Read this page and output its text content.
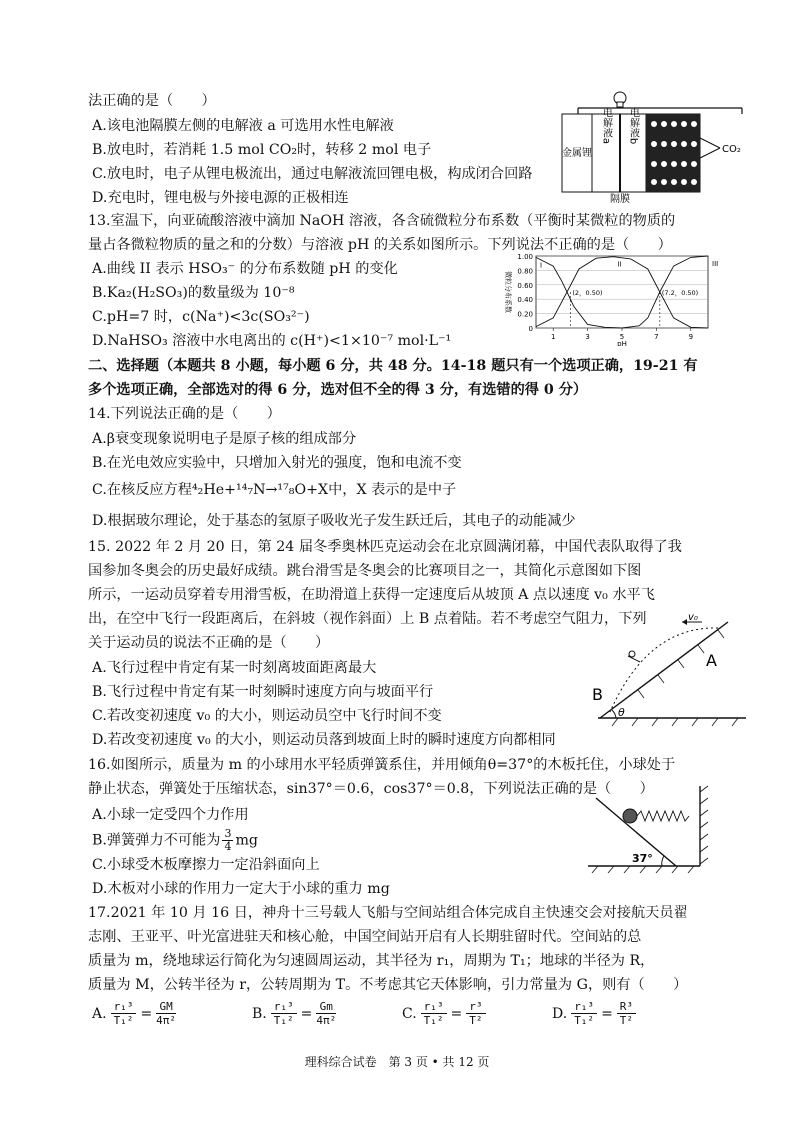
法正确的是（　　）
A.该电池隔膜左侧的电解液 a 可选用水性电解液
B.放电时，若消耗 1.5 mol CO₂时，转移 2 mol 电子
C.放电时，电子从锂电极流出，通过电解液流回锂电极，构成闭合回路
D.充电时，锂电极与外接电源的正极相连
金属锂
电解液a 电解液b
CO₂
隔膜
13.室温下，向亚硫酸溶液中滴加 NaOH 溶液，各含硫微粒分布系数（平衡时某微粒的物质的
量占各微粒物质的量之和的分数）与溶液 pH 的关系如图所示。下列说法不正确的是（　　）
A.曲线 II 表示 HSO₃⁻ 的分布系数随 pH 的变化
B.Ka₂(H₂SO₃)的数量级为 10⁻⁸
C.pH=7 时，c(Na⁺)<3c(SO₃²⁻)
D.NaHSO₃ 溶液中水电离出的 c(H⁺)<1×10⁻⁷ mol·L⁻¹
1.00
0.80
0.60
0.40
0.20
0
1	3	5	7	9
pH
微粒分布系数
I	II	III
(2，0.50)	(7.2，0.50)
二、选择题（本题共 8 小题，每小题 6 分，共 48 分。14-18 题只有一个选项正确，19-21 有
多个选项正确，全部选对的得 6 分，选对但不全的得 3 分，有选错的得 0 分）
14.下列说法正确的是（　　）
A.β衰变现象说明电子是原子核的组成部分
B.在光电效应实验中，只增加入射光的强度，饱和电流不变
C.在核反应方程⁴₂He+¹⁴₇N→¹⁷₈O+X中，X 表示的是中子
D.根据玻尔理论，处于基态的氢原子吸收光子发生跃迁后，其电子的动能减少
15. 2022 年 2 月 20 日，第 24 届冬季奥林匹克运动会在北京圆满闭幕，中国代表队取得了我
国参加冬奥会的历史最好成绩。跳台滑雪是冬奥会的比赛项目之一，其简化示意图如下图
所示，一运动员穿着专用滑雪板，在助滑道上获得一定速度后从坡顶 A 点以速度 v₀ 水平飞
出，在空中飞行一段距离后，在斜坡（视作斜面）上 B 点着陆。若不考虑空气阻力，下列
关于运动员的说法不正确的是（　　）
A.飞行过程中肯定有某一时刻离坡面距离最大
B.飞行过程中肯定有某一时刻瞬时速度方向与坡面平行
C.若改变初速度 v₀ 的大小，则运动员空中飞行时间不变
D.若改变初速度 v₀ 的大小，则运动员落到坡面上时的瞬时速度方向都相同
A
B
θ
v₀
16.如图所示，质量为 m 的小球用水平轻质弹簧系住，并用倾角θ=37°的木板托住，小球处于
静止状态，弹簧处于压缩状态，sin37°＝0.6，cos37°＝0.8，下列说法正确的是（　　）
A.小球一定受四个力作用
B.弹簧弹力不可能为 $\frac{3}{4}$ mg
C.小球受木板摩擦力一定沿斜面向上
D.木板对小球的作用力一定大于小球的重力 mg
37°
17.2021 年 10 月 16 日，神舟十三号载人飞船与空间站组合体完成自主快速交会对接航天员翟
志刚、王亚平、叶光富进驻天和核心舱，中国空间站开启有人长期驻留时代。空间站的总
质量为 m，绕地球运行简化为匀速圆周运动，其半径为 r₁，周期为 T₁；地球的半径为 R，
质量为 M，公转半径为 r，公转周期为 T。不考虑其它天体影响，引力常量为 G，则有（　　）
A. $\frac{\text{r₁³}}{\text{T₁²}} = \frac{GM}{\text{4π²}}$	B. $\frac{\text{r₁³}}{\text{T₁²}} = \frac{Gm}{\text{4π²}}$	C. $\frac{\text{r₁³}}{\text{T₁²}} = \frac{\text{r³}}{\text{T²}}$	D. $\frac{\text{r₁³}}{\text{T₁²}} = \frac{\text{R³}}{\text{T²}}$
理科综合试卷　第 3 页 • 共 12 页
